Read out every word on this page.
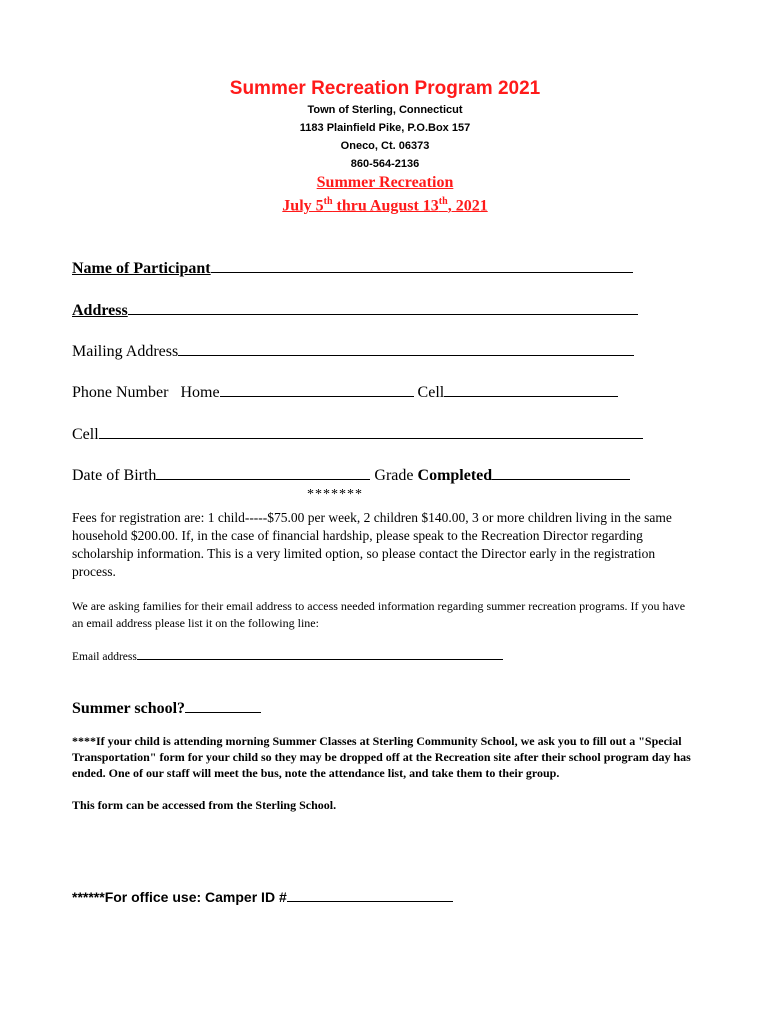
Summer Recreation Program 2021
Town of Sterling, Connecticut
1183 Plainfield Pike, P.O.Box 157
Oneco, Ct. 06373
860-564-2136
Summer Recreation
July 5th thru August 13th, 2021
Name of Participant
Address
Mailing Address
Phone Number Home	Cell
Cell
Date of Birth	Grade Completed
*******
Fees for registration are: 1 child-----$75.00 per week, 2 children $140.00, 3 or more children living in the same household $200.00. If, in the case of financial hardship, please speak to the Recreation Director regarding scholarship information. This is a very limited option, so please contact the Director early in the registration process.
We are asking families for their email address to access needed information regarding summer recreation programs. If you have an email address please list it on the following line:
Email address
Summer school?
****If your child is attending morning Summer Classes at Sterling Community School, we ask you to fill out a "Special Transportation" form for your child so they may be dropped off at the Recreation site after their school program day has ended. One of our staff will meet the bus, note the attendance list, and take them to their group.
This form can be accessed from the Sterling School.
******For office use: Camper ID #
